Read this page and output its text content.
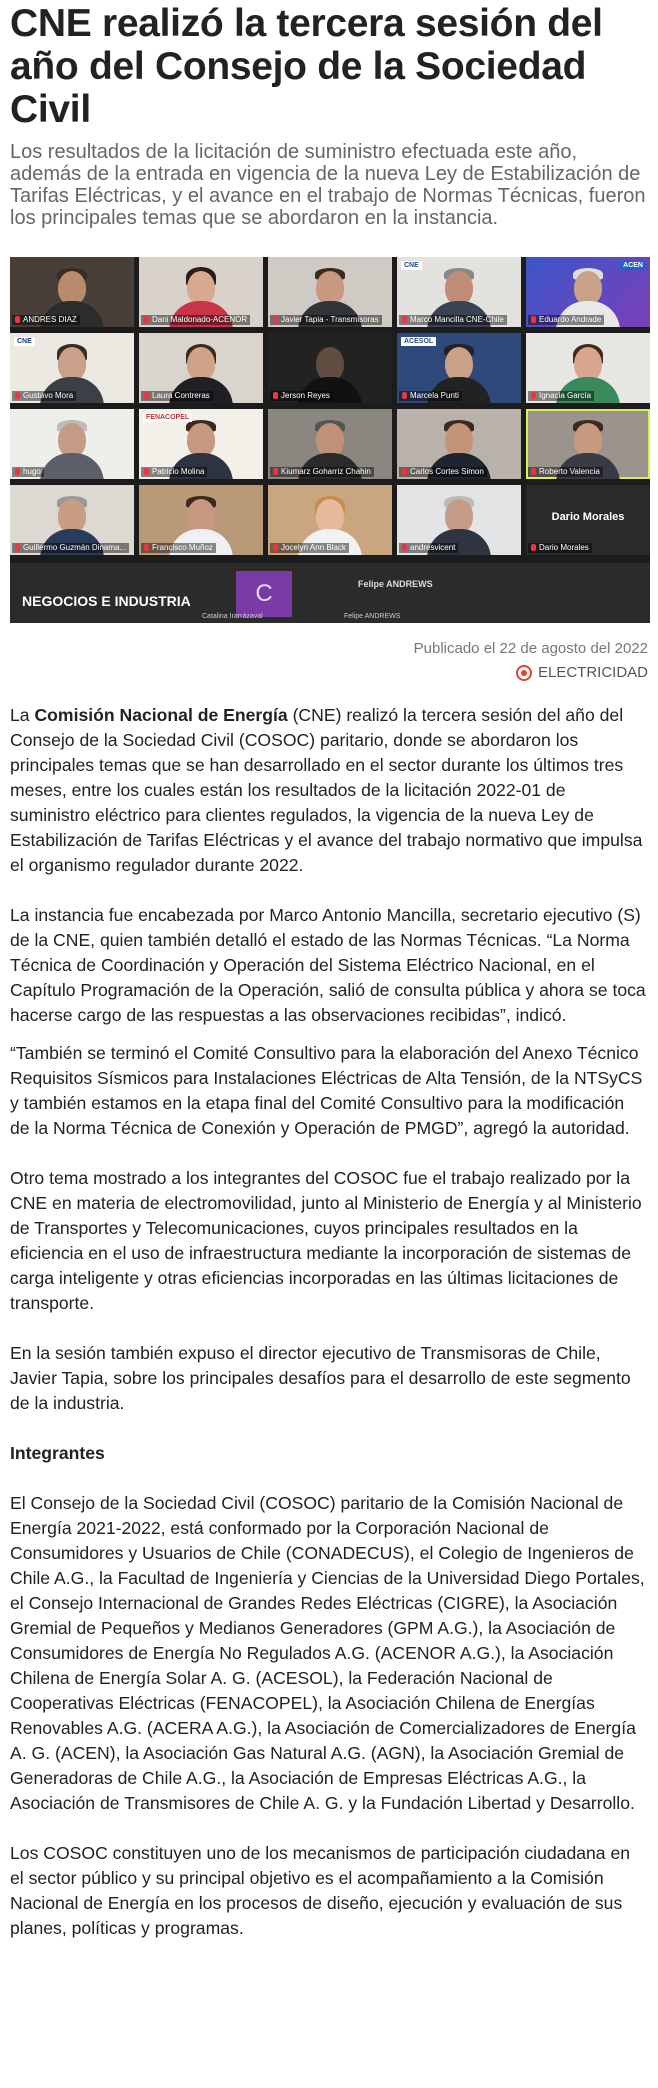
CNE realizó la tercera sesión del año del Consejo de la Sociedad Civil

Los resultados de la licitación de suministro efectuada este año, además de la entrada en vigencia de la nueva Ley de Estabilización de Tarifas Eléctricas, y el avance en el trabajo de Normas Técnicas, fueron los principales temas que se abordaron en la instancia.

ANDRES DIAZ	Dani Maldonado-ACENOR	Javier Tapia - Transmisoras
CNE
Marco Mancilla CNE-Chile
ACEN
Eduardo Andrade
CNE
Gustavo Mora	Laura Contreras	Jerson Reyes
ACESOL
Marcela Punti	Ignacia García
hugo
FENACOPEL
Patricio Molina	Kiumarz Goharriz Chahin	Carlos Cortes Simon	Roberto Valencia
Guillermo Guzmán Dinama...	Francisco Muñoz	Jocelyn Ann Black	andresvicent
Dario Morales
Dario Morales
NEGOCIOS E INDUSTRIA	C
Catalina Irarrázaval
Felipe ANDREWS
Felipe ANDREWS
Publicado el 22 de agosto del 2022
ELECTRICIDAD

La Comisión Nacional de Energía (CNE) realizó la tercera sesión del año del Consejo de la Sociedad Civil (COSOC) paritario, donde se abordaron los principales temas que se han desarrollado en el sector durante los últimos tres meses, entre los cuales están los resultados de la licitación 2022-01 de suministro eléctrico para clientes regulados, la vigencia de la nueva Ley de Estabilización de Tarifas Eléctricas y el avance del trabajo normativo que impulsa el organismo regulador durante 2022.

La instancia fue encabezada por Marco Antonio Mancilla, secretario ejecutivo (S) de la CNE, quien también detalló el estado de las Normas Técnicas. “La Norma Técnica de Coordinación y Operación del Sistema Eléctrico Nacional, en el Capítulo Programación de la Operación, salió de consulta pública y ahora se toca hacerse cargo de las respuestas a las observaciones recibidas”, indicó.

“También se terminó el Comité Consultivo para la elaboración del Anexo Técnico Requisitos Sísmicos para Instalaciones Eléctricas de Alta Tensión, de la NTSyCS y también estamos en la etapa final del Comité Consultivo para la modificación de la Norma Técnica de Conexión y Operación de PMGD”, agregó la autoridad.

Otro tema mostrado a los integrantes del COSOC fue el trabajo realizado por la CNE en materia de electromovilidad, junto al Ministerio de Energía y al Ministerio de Transportes y Telecomunicaciones, cuyos principales resultados en la eficiencia en el uso de infraestructura mediante la incorporación de sistemas de carga inteligente y otras eficiencias incorporadas en las últimas licitaciones de transporte.

En la sesión también expuso el director ejecutivo de Transmisoras de Chile, Javier Tapia, sobre los principales desafíos para el desarrollo de este segmento de la industria.

Integrantes

El Consejo de la Sociedad Civil (COSOC) paritario de la Comisión Nacional de Energía 2021-2022, está conformado por la Corporación Nacional de Consumidores y Usuarios de Chile (CONADECUS), el Colegio de Ingenieros de Chile A.G., la Facultad de Ingeniería y Ciencias de la Universidad Diego Portales, el Consejo Internacional de Grandes Redes Eléctricas (CIGRE), la Asociación Gremial de Pequeños y Medianos Generadores (GPM A.G.), la Asociación de Consumidores de Energía No Regulados A.G. (ACENOR A.G.), la Asociación Chilena de Energía Solar A. G. (ACESOL), la Federación Nacional de Cooperativas Eléctricas (FENACOPEL), la Asociación Chilena de Energías Renovables A.G. (ACERA A.G.), la Asociación de Comercializadores de Energía A. G. (ACEN), la Asociación Gas Natural A.G. (AGN), la Asociación Gremial de Generadoras de Chile A.G., la Asociación de Empresas Eléctricas A.G., la Asociación de Transmisores de Chile A. G. y la Fundación Libertad y Desarrollo.

Los COSOC constituyen uno de los mecanismos de participación ciudadana en el sector público y su principal objetivo es el acompañamiento a la Comisión Nacional de Energía en los procesos de diseño, ejecución y evaluación de sus planes, políticas y programas.
